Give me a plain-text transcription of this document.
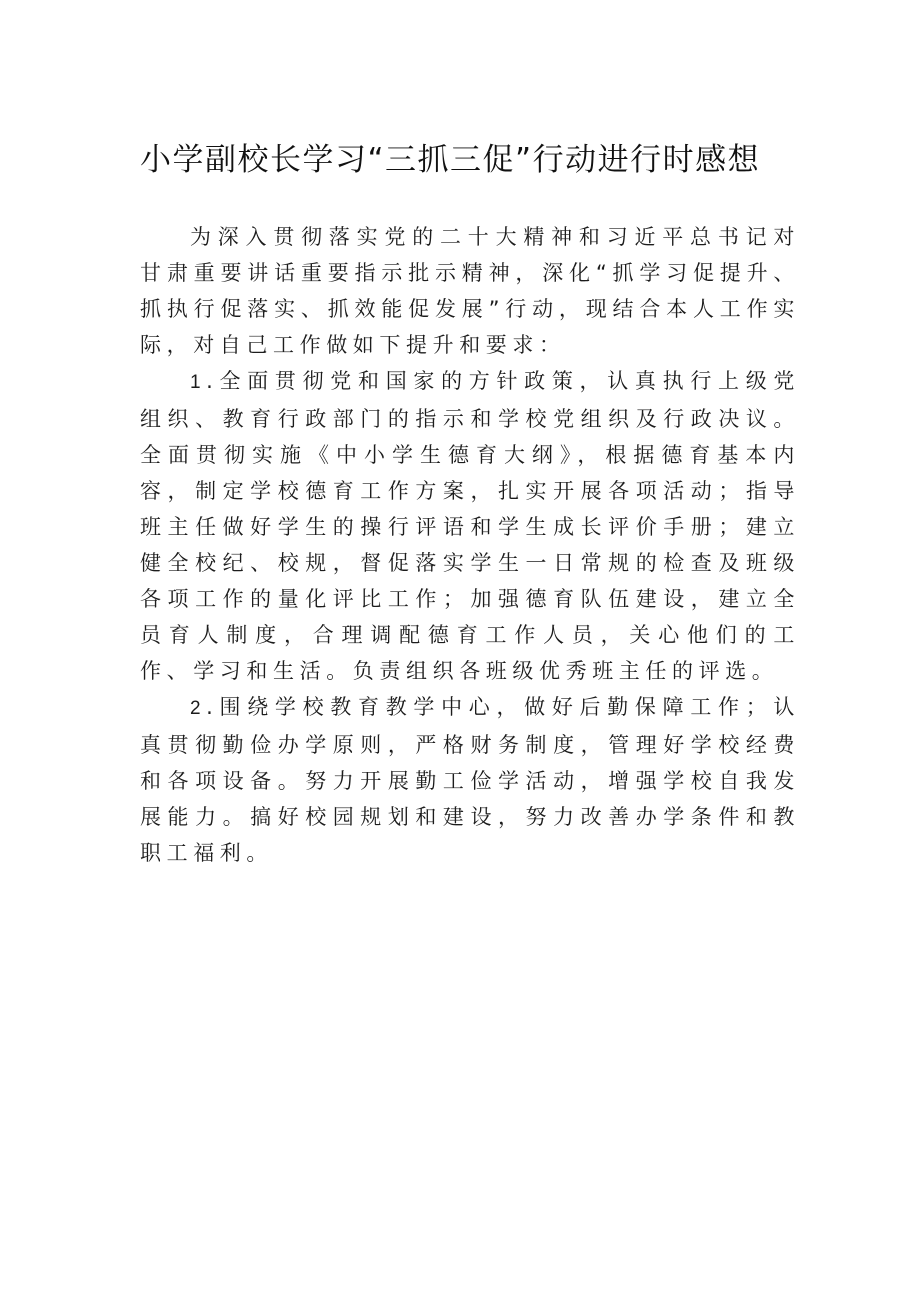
小学副校长学习“三抓三促”行动进行时感想

为深入贯彻落实党的二十大精神和习近平总书记对甘肃重要讲话重要指示批示精神，深化“抓学习促提升、抓执行促落实、抓效能促发展”行动，现结合本人工作实际，对自己工作做如下提升和要求：

1.全面贯彻党和国家的方针政策，认真执行上级党组织、教育行政部门的指示和学校党组织及行政决议。全面贯彻实施《中小学生德育大纲》，根据德育基本内容，制定学校德育工作方案，扎实开展各项活动；指导班主任做好学生的操行评语和学生成长评价手册；建立健全校纪、校规，督促落实学生一日常规的检查及班级各项工作的量化评比工作；加强德育队伍建设，建立全员育人制度，合理调配德育工作人员，关心他们的工作、学习和生活。负责组织各班级优秀班主任的评选。

2.围绕学校教育教学中心，做好后勤保障工作；认真贯彻勤俭办学原则，严格财务制度，管理好学校经费和各项设备。努力开展勤工俭学活动，增强学校自我发展能力。搞好校园规划和建设，努力改善办学条件和教职工福利。
